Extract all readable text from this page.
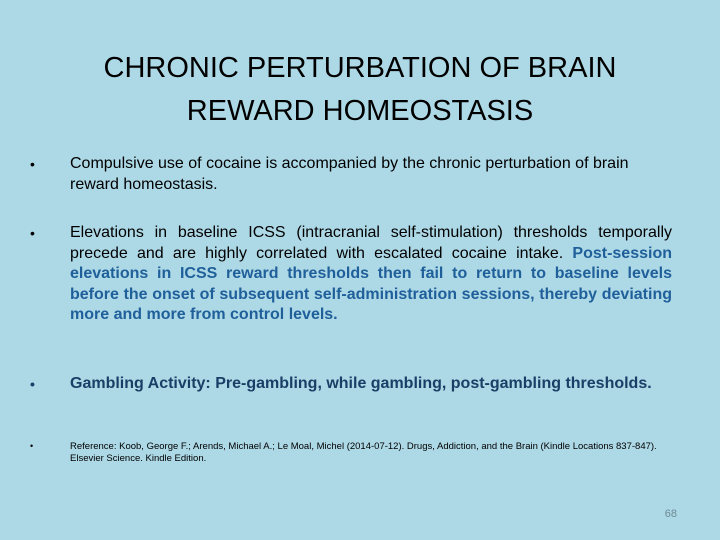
CHRONIC PERTURBATION OF BRAIN
REWARD HOMEOSTASIS
• Compulsive use of cocaine is accompanied by the chronic perturbation of brain reward homeostasis.
• Elevations in baseline ICSS (intracranial self-stimulation) thresholds temporally precede and are highly correlated with escalated cocaine intake. Post-session elevations in ICSS reward thresholds then fail to return to baseline levels before the onset of subsequent self-administration sessions, thereby deviating more and more from control levels.
• Gambling Activity: Pre-gambling, while gambling, post-gambling thresholds.
•	Reference: Koob, George F.; Arends, Michael A.; Le Moal, Michel (2014-07-12). Drugs, Addiction, and the Brain (Kindle Locations 837-847). Elsevier Science. Kindle Edition.
68
